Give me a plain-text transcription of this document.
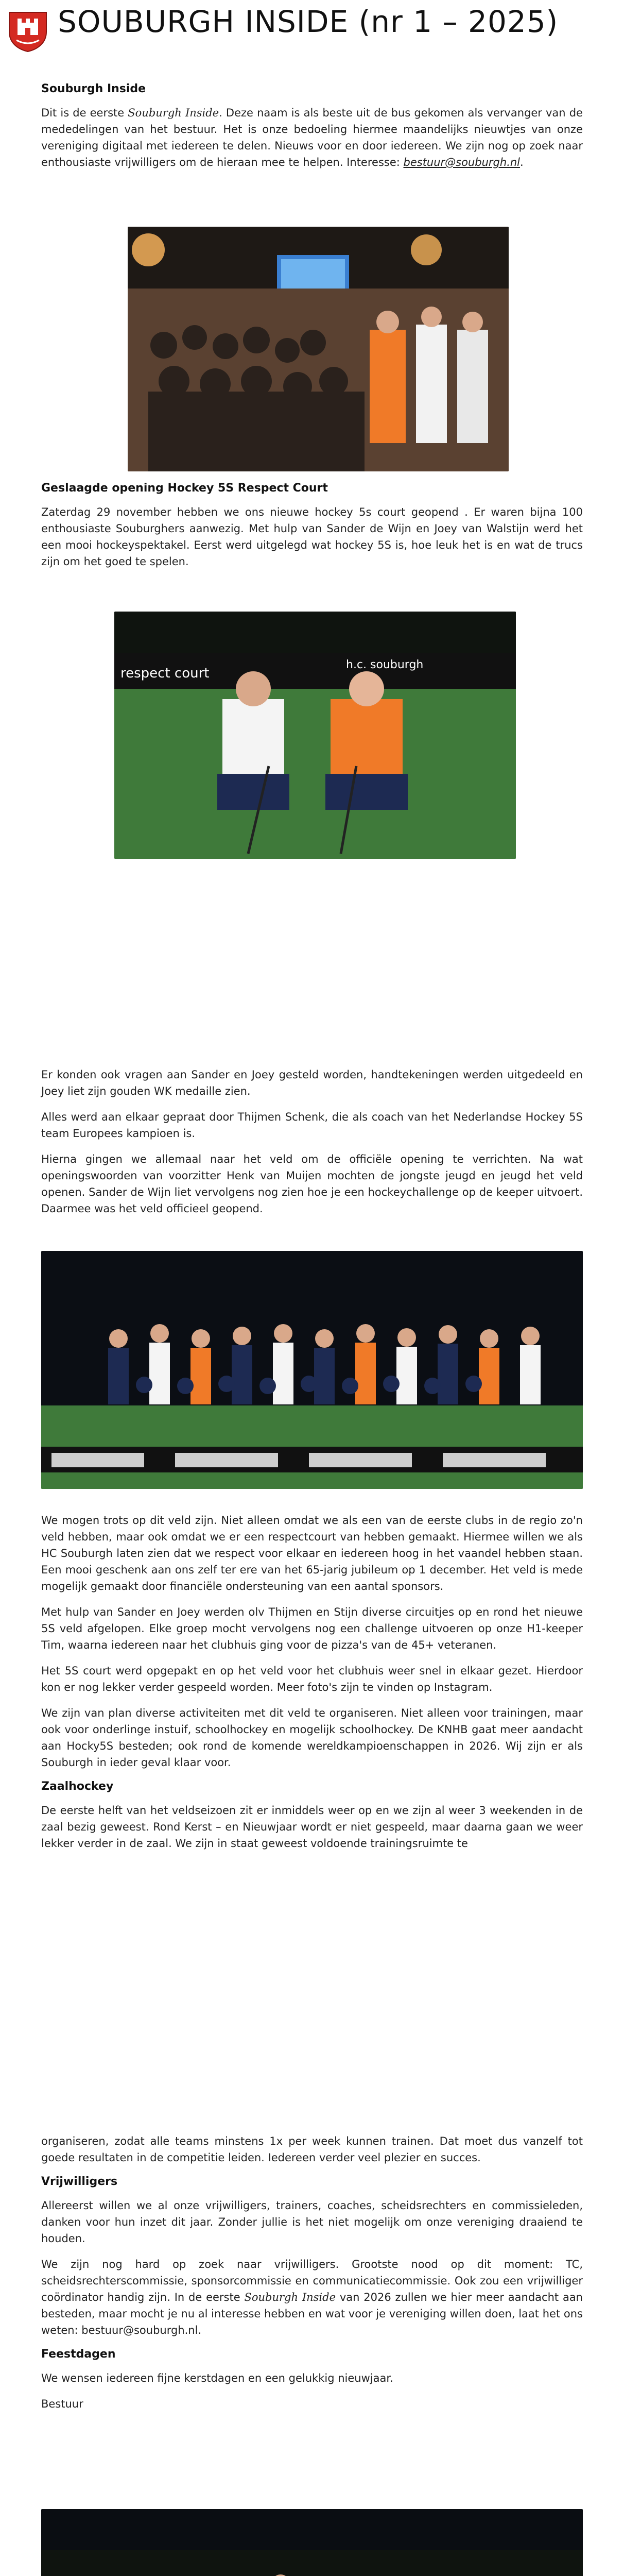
SOUBURGH INSIDE (nr 1 – 2025)
Souburgh Inside

Dit is de eerste Souburgh Inside. Deze naam is als beste uit de bus gekomen als vervanger van de mededelingen van het bestuur. Het is onze bedoeling hiermee maandelijks nieuwtjes van onze vereniging digitaal met iedereen te delen. Nieuws voor en door iedereen. We zijn nog op zoek naar enthousiaste vrijwilligers om de hieraan mee te helpen. Interesse: bestuur@souburgh.nl.

Geslaagde opening Hockey 5S Respect Court

Zaterdag 29 november hebben we ons nieuwe hockey 5s court geopend . Er waren bijna 100 enthousiaste Souburghers aanwezig. Met hulp van Sander de Wijn en Joey van Walstijn werd het een mooi hockeyspektakel. Eerst werd uitgelegd wat hockey 5S is, hoe leuk het is en wat de trucs zijn om het goed te spelen.

respect court
h.c. souburgh

Er konden ook vragen aan Sander en Joey gesteld worden, handtekeningen werden uitgedeeld en Joey liet zijn gouden WK medaille zien.

Alles werd aan elkaar gepraat door Thijmen Schenk, die als coach van het Nederlandse Hockey 5S team Europees kampioen is.

Hierna gingen we allemaal naar het veld om de officiële opening te verrichten. Na wat openingswoorden van voorzitter Henk van Muijen mochten de jongste jeugd en jeugd het veld openen. Sander de Wijn liet vervolgens nog zien hoe je een hockeychallenge op de keeper uitvoert. Daarmee was het veld officieel geopend.

We mogen trots op dit veld zijn. Niet alleen omdat we als een van de eerste clubs in de regio zo'n veld hebben, maar ook omdat we er een respectcourt van hebben gemaakt. Hiermee willen we als HC Souburgh laten zien dat we respect voor elkaar en iedereen hoog in het vaandel hebben staan. Een mooi geschenk aan ons zelf ter ere van het 65-jarig jubileum op 1 december. Het veld is mede mogelijk gemaakt door financiële ondersteuning van een aantal sponsors.

Met hulp van Sander en Joey werden olv Thijmen en Stijn diverse circuitjes op en rond het nieuwe 5S veld afgelopen. Elke groep mocht vervolgens nog een challenge uitvoeren op onze H1-keeper Tim, waarna iedereen naar het clubhuis ging voor de pizza's van de 45+ veteranen.

Het 5S court werd opgepakt en op het veld voor het clubhuis weer snel in elkaar gezet. Hierdoor kon er nog lekker verder gespeeld worden. Meer foto's zijn te vinden op Instagram.

We zijn van plan diverse activiteiten met dit veld te organiseren. Niet alleen voor trainingen, maar ook voor onderlinge instuif, schoolhockey en mogelijk schoolhockey. De KNHB gaat meer aandacht aan Hocky5S besteden; ook rond de komende wereldkampioenschappen in 2026. Wij zijn er als Souburgh in ieder geval klaar voor.

Zaalhockey

De eerste helft van het veldseizoen zit er inmiddels weer op en we zijn al weer 3 weekenden in de zaal bezig geweest. Rond Kerst – en Nieuwjaar wordt er niet gespeeld, maar daarna gaan we weer lekker verder in de zaal. We zijn in staat geweest voldoende trainingsruimte te

organiseren, zodat alle teams minstens 1x per week kunnen trainen. Dat moet dus vanzelf tot goede resultaten in de competitie leiden. Iedereen verder veel plezier en succes.

Vrijwilligers

Allereerst willen we al onze vrijwilligers, trainers, coaches, scheidsrechters en commissieleden, danken voor hun inzet dit jaar. Zonder jullie is het niet mogelijk om onze vereniging draaiend te houden.

We zijn nog hard op zoek naar vrijwilligers. Grootste nood op dit moment: TC, scheidsrechterscommissie, sponsorcommissie en communicatiecommissie. Ook zou een vrijwilliger coördinator handig zijn. In de eerste Souburgh Inside van 2026 zullen we hier meer aandacht aan besteden, maar mocht je nu al interesse hebben en wat voor je vereniging willen doen, laat het ons weten: bestuur@souburgh.nl.

Feestdagen

We wensen iedereen fijne kerstdagen en een gelukkig nieuwjaar.

Bestuur
